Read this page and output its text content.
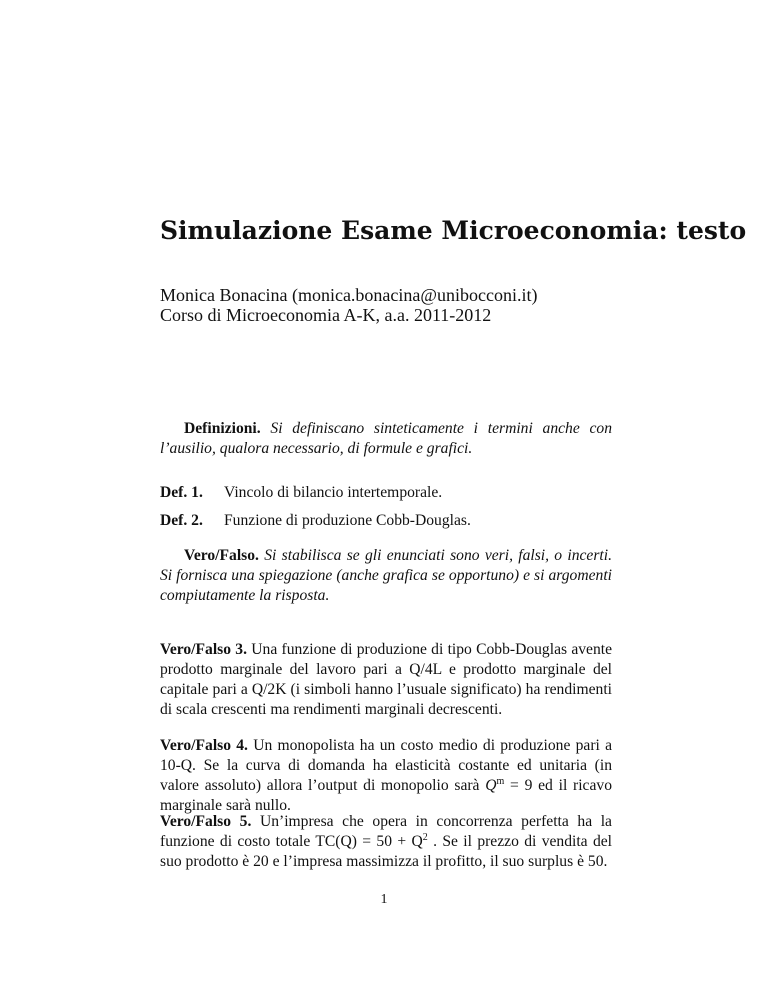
Simulazione Esame Microeconomia: testo
Monica Bonacina (monica.bonacina@unibocconi.it)
Corso di Microeconomia A-K, a.a. 2011-2012
Definizioni. Si definiscano sinteticamente i termini anche con l’ausilio, qualora necessario, di formule e grafici.
Def. 1. Vincolo di bilancio intertemporale.
Def. 2. Funzione di produzione Cobb-Douglas.
Vero/Falso. Si stabilisca se gli enunciati sono veri, falsi, o incerti. Si fornisca una spiegazione (anche grafica se opportuno) e si argomenti compiutamente la risposta.
Vero/Falso 3. Una funzione di produzione di tipo Cobb-Douglas avente prodotto marginale del lavoro pari a Q/4L e prodotto marginale del capitale pari a Q/2K (i simboli hanno l’usuale significato) ha rendimenti di scala crescenti ma rendimenti marginali decrescenti.
Vero/Falso 4. Un monopolista ha un costo medio di produzione pari a 10-Q. Se la curva di domanda ha elasticità costante ed unitaria (in valore assoluto) allora l’output di monopolio sarà $Q^m = 9$ ed il ricavo marginale sarà nullo.
Vero/Falso 5. Un’impresa che opera in concorrenza perfetta ha la funzione di costo totale $TC(Q) = 50 + Q^2$ . Se il prezzo di vendita del suo prodotto è 20 e l’impresa massimizza il profitto, il suo surplus è 50.
1
